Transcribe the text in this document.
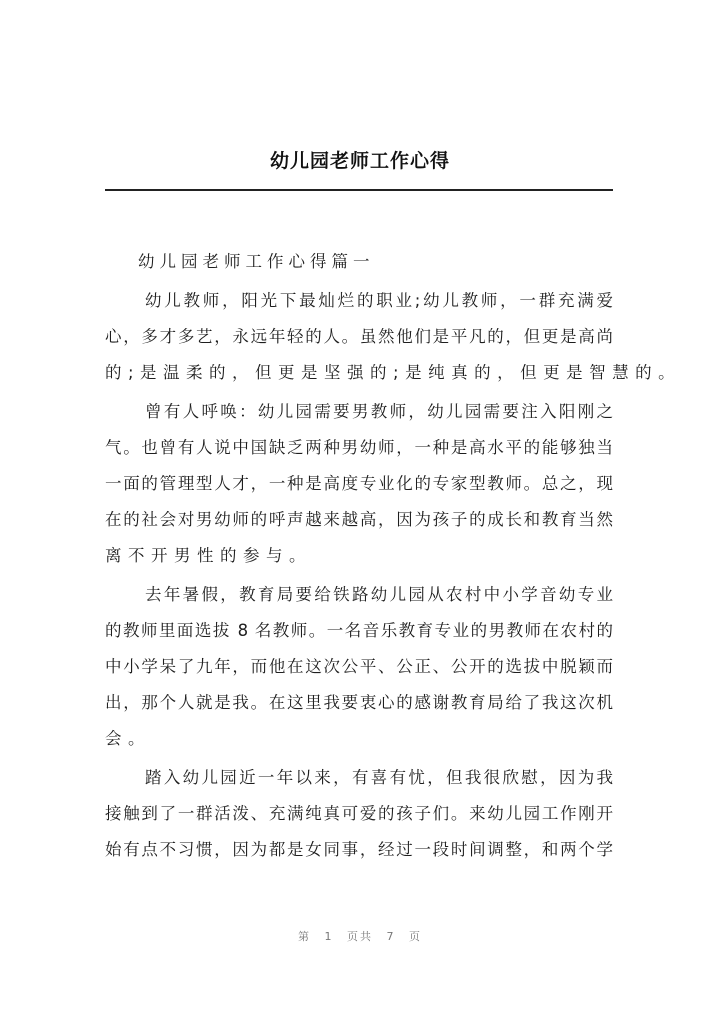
幼儿园老师工作心得
幼儿园老师工作心得篇一
幼儿教师，阳光下最灿烂的职业;幼儿教师，一群充满爱
心，多才多艺，永远年轻的人。虽然他们是平凡的，但更是高尚
的;是温柔的，但更是坚强的;是纯真的，但更是智慧的。
曾有人呼唤：幼儿园需要男教师，幼儿园需要注入阳刚之
气。也曾有人说中国缺乏两种男幼师，一种是高水平的能够独当
一面的管理型人才，一种是高度专业化的专家型教师。总之，现
在的社会对男幼师的呼声越来越高，因为孩子的成长和教育当然
离不开男性的参与。
去年暑假，教育局要给铁路幼儿园从农村中小学音幼专业
的教师里面选拔 8 名教师。一名音乐教育专业的男教师在农村的
中小学呆了九年，而他在这次公平、公正、公开的选拔中脱颖而
出，那个人就是我。在这里我要衷心的感谢教育局给了我这次机
会。
踏入幼儿园近一年以来，有喜有忧，但我很欣慰，因为我
接触到了一群活泼、充满纯真可爱的孩子们。来幼儿园工作刚开
始有点不习惯，因为都是女同事，经过一段时间调整，和两个学
第 1 页共 7 页
